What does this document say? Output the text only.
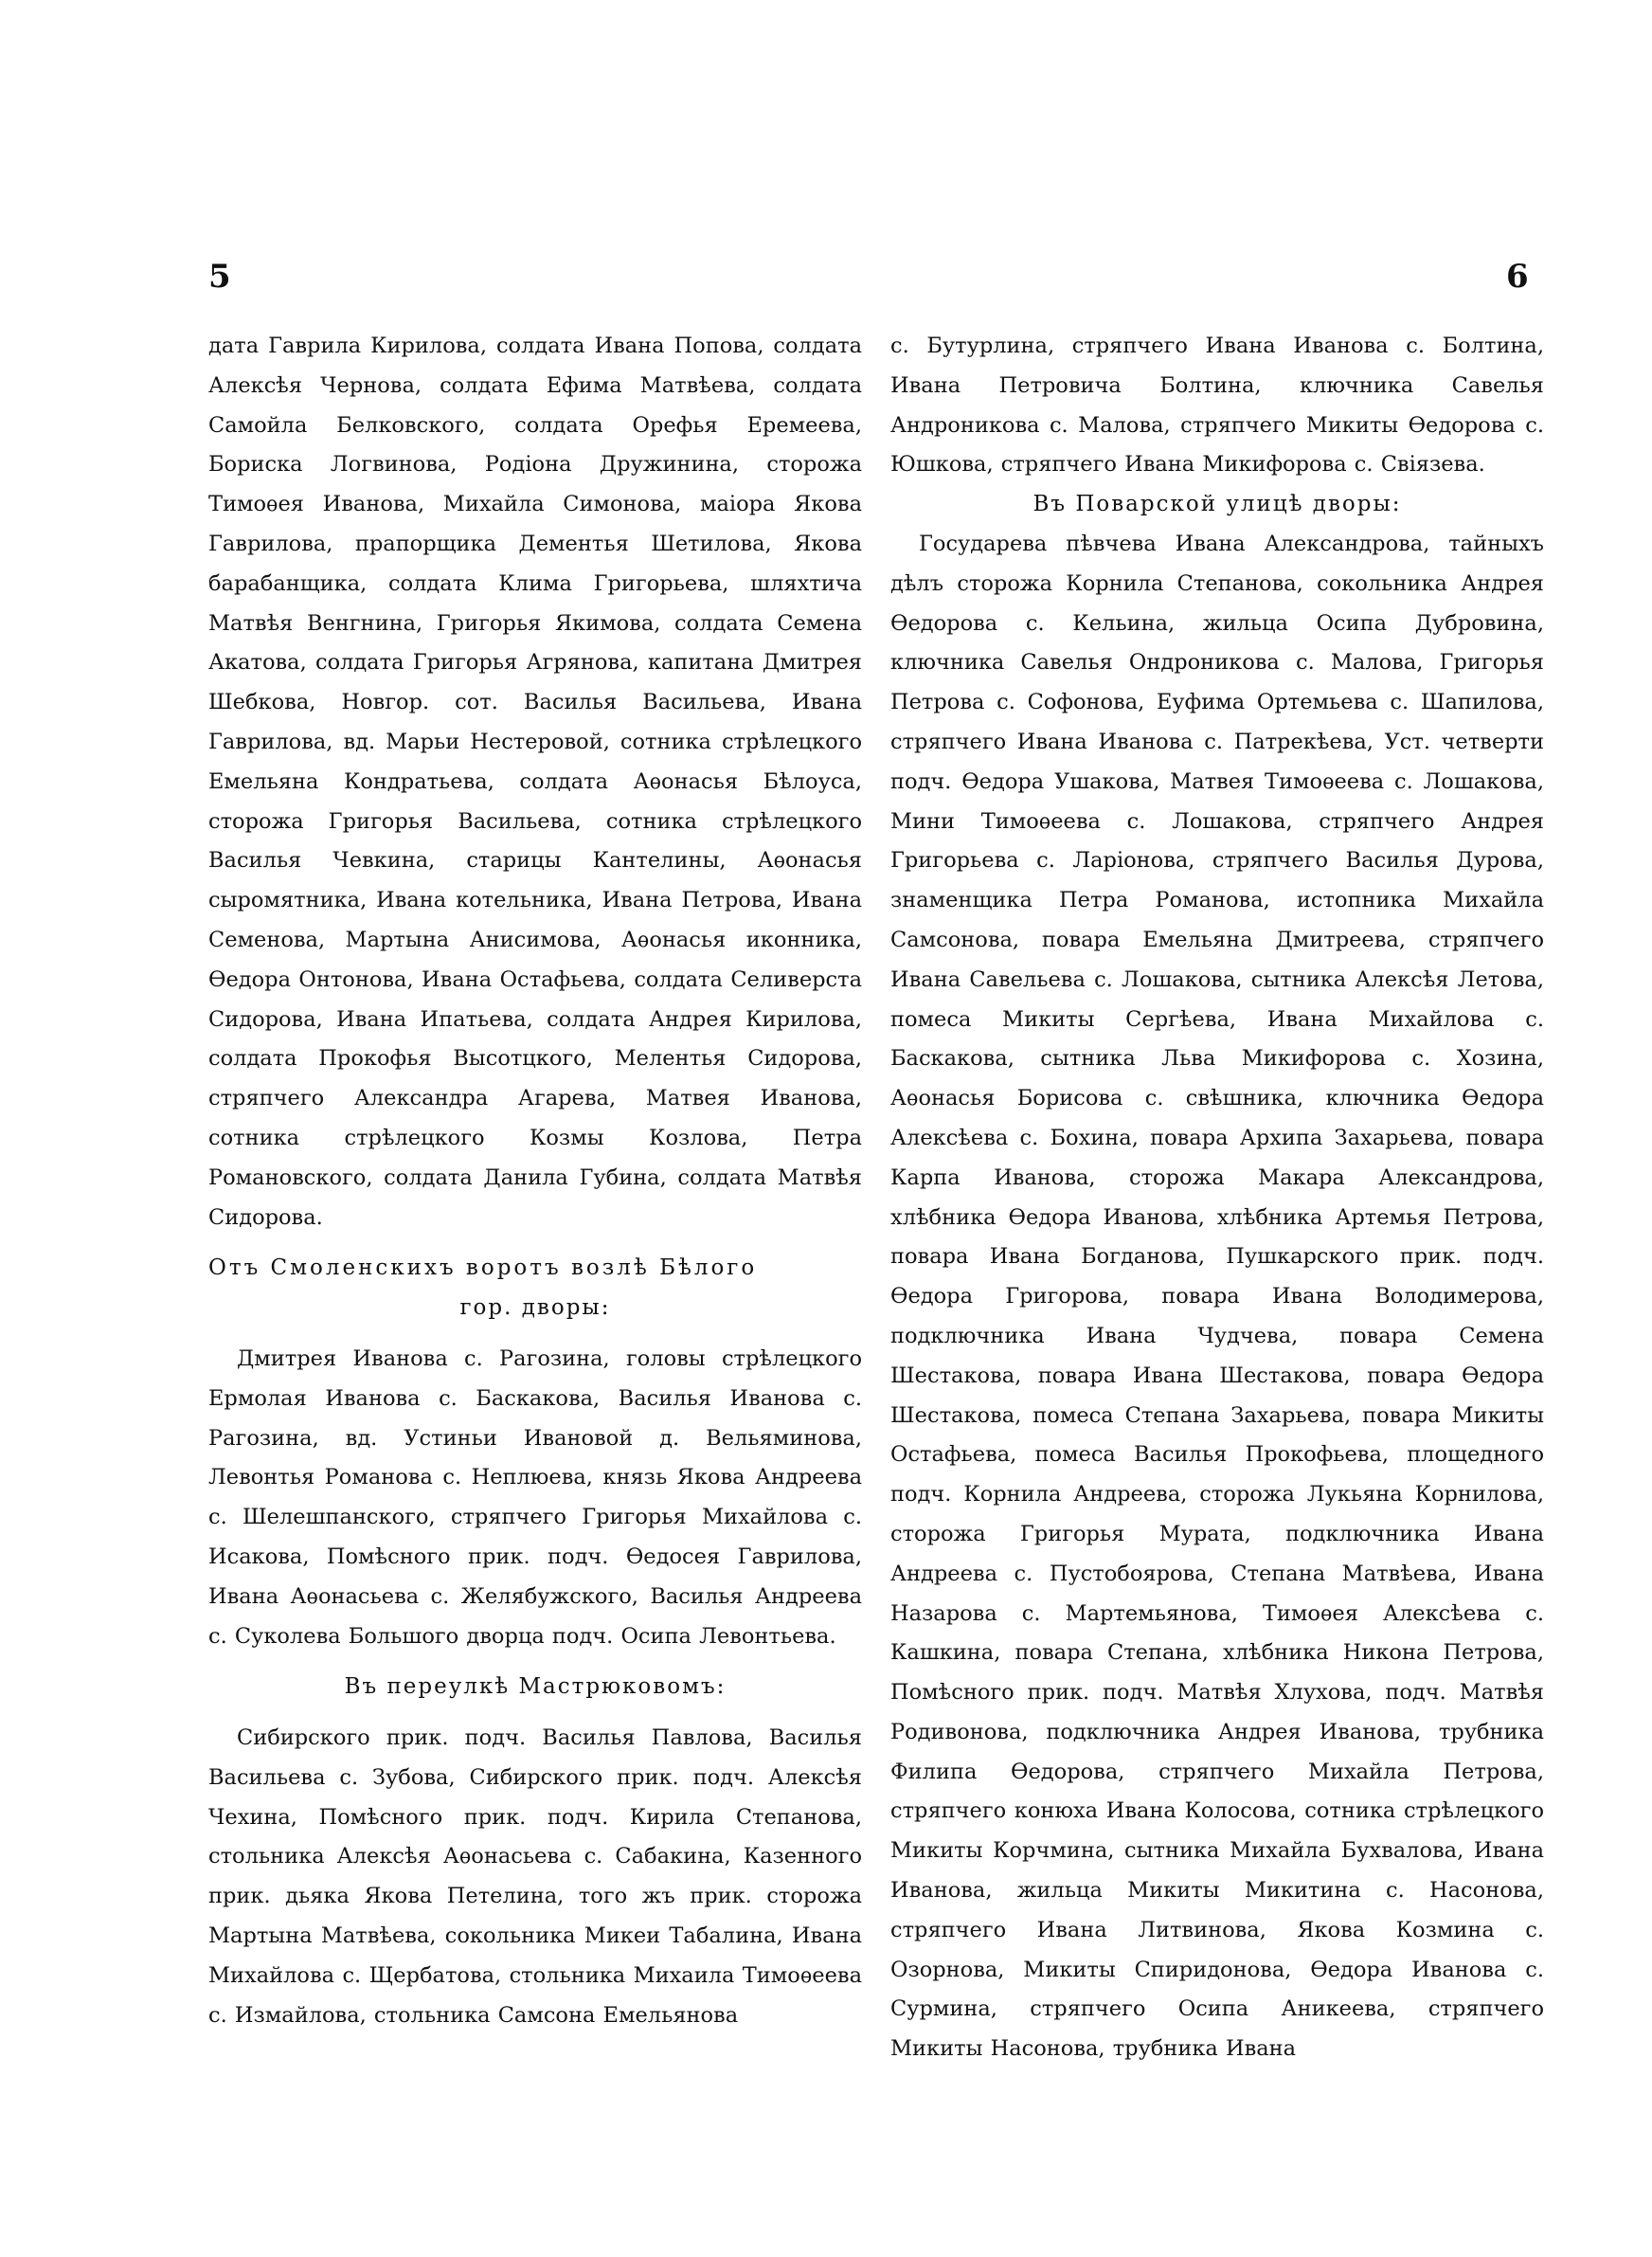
5	6

дата Гаврила Кирилова, солдата Ивана Попова, солдата Алексѣя Чернова, солдата Ефима Матвѣева, солдата Самойла Белковского, солдата Орефья Еремеева, Бориска Логвинова, Родіона Дружинина, сторожа Тимоѳея Иванова, Михайла Симонова, маіора Якова Гаврилова, прапорщика Дементья Шетилова, Якова барабанщика, солдата Клима Григорьева, шляхтича Матвѣя Венгнина, Григорья Якимова, солдата Семена Акатова, солдата Григорья Агрянова, капитана Дмитрея Шебкова, Новгор. сот. Василья Васильева, Ивана Гаврилова, вд. Марьи Нестеровой, сотника стрѣлецкого Емельяна Кондратьева, солдата Аѳонасья Бѣлоуса, сторожа Григорья Васильева, сотника стрѣлецкого Василья Чевкина, старицы Кантелины, Аѳонасья сыромятника, Ивана котельника, Ивана Петрова, Ивана Семенова, Мартына Анисимова, Аѳонасья иконника, Ѳедора Онтонова, Ивана Остафьева, солдата Селиверста Сидорова, Ивана Ипатьева, солдата Андрея Кирилова, солдата Прокофья Высотцкого, Мелентья Сидорова, стряпчего Александра Агарева, Матвея Иванова, сотника стрѣлецкого Козмы Козлова, Петра Романовского, солдата Данила Губина, солдата Матвѣя Сидорова.

Отъ Смоленскихъ воротъ возлѣ Бѣлого
гор. дворы:

Дмитрея Иванова с. Рагозина, головы стрѣлецкого Ермолая Иванова с. Баскакова, Василья Иванова с. Рагозина, вд. Устиньи Ивановой д. Вельяминова, Левонтья Романова с. Неплюева, князь Якова Андреева с. Шелешпанского, стряпчего Григорья Михайлова с. Исакова, Помѣсного прик. подч. Ѳедосея Гаврилова, Ивана Аѳонасьева с. Желябужского, Василья Андреева с. Суколева Большого дворца подч. Осипа Левонтьева.

Въ переулкѣ Мастрюковомъ:

Сибирского прик. подч. Василья Павлова, Василья Васильева с. Зубова, Сибирского прик. подч. Алексѣя Чехина, Помѣсного прик. подч. Кирила Степанова, стольника Алексѣя Аѳонасьева с. Сабакина, Казенного прик. дьяка Якова Петелина, того жъ прик. сторожа Мартына Матвѣева, сокольника Микеи Табалина, Ивана Михайлова с. Щербатова, стольника Михаила Тимоѳеева с. Измайлова, стольника Самсона Емельянова

с. Бутурлина, стряпчего Ивана Иванова с. Болтина, Ивана Петровича Болтина, ключника Савелья Андроникова с. Малова, стряпчего Микиты Ѳедорова с. Юшкова, стряпчего Ивана Микифорова с. Свіязева.

Въ Поварской улицѣ дворы:

Государева пѣвчева Ивана Александрова, тайныхъ дѣлъ сторожа Корнила Степанова, сокольника Андрея Ѳедорова с. Кельина, жильца Осипа Дубровина, ключника Савелья Ондроникова с. Малова, Григорья Петрова с. Софонова, Еуфима Ортемьева с. Шапилова, стряпчего Ивана Иванова с. Патрекѣева, Уст. четверти подч. Ѳедора Ушакова, Матвея Тимоѳеева с. Лошакова, Мини Тимоѳеева с. Лошакова, стряпчего Андрея Григорьева с. Ларіонова, стряпчего Василья Дурова, знаменщика Петра Романова, истопника Михайла Самсонова, повара Емельяна Дмитреева, стряпчего Ивана Савельева с. Лошакова, сытника Алексѣя Летова, помеса Микиты Сергѣева, Ивана Михайлова с. Баскакова, сытника Льва Микифорова с. Хозина, Аѳонасья Борисова с. свѣшника, ключника Ѳедора Алексѣева с. Бохина, повара Архипа Захарьева, повара Карпа Иванова, сторожа Макара Александрова, хлѣбника Ѳедора Иванова, хлѣбника Артемья Петрова, повара Ивана Богданова, Пушкарского прик. подч. Ѳедора Григорова, повара Ивана Володимерова, подключника Ивана Чудчева, повара Семена Шестакова, повара Ивана Шестакова, повара Ѳедора Шестакова, помеса Степана Захарьева, повара Микиты Остафьева, помеса Василья Прокофьева, площедного подч. Корнила Андреева, сторожа Лукьяна Корнилова, сторожа Григорья Мурата, подключника Ивана Андреева с. Пустобоярова, Степана Матвѣева, Ивана Назарова с. Мартемьянова, Тимоѳея Алексѣева с. Кашкина, повара Степана, хлѣбника Никона Петрова, Помѣсного прик. подч. Матвѣя Хлухова, подч. Матвѣя Родивонова, подключника Андрея Иванова, трубника Филипа Ѳедорова, стряпчего Михайла Петрова, стряпчего конюха Ивана Колосова, сотника стрѣлецкого Микиты Корчмина, сытника Михайла Бухвалова, Ивана Иванова, жильца Микиты Микитина с. Насонова, стряпчего Ивана Литвинова, Якова Козмина с. Озорнова, Микиты Спиридонова, Ѳедора Иванова с. Сурмина, стряпчего Осипа Аникеева, стряпчего Микиты Насонова, трубника Ивана
